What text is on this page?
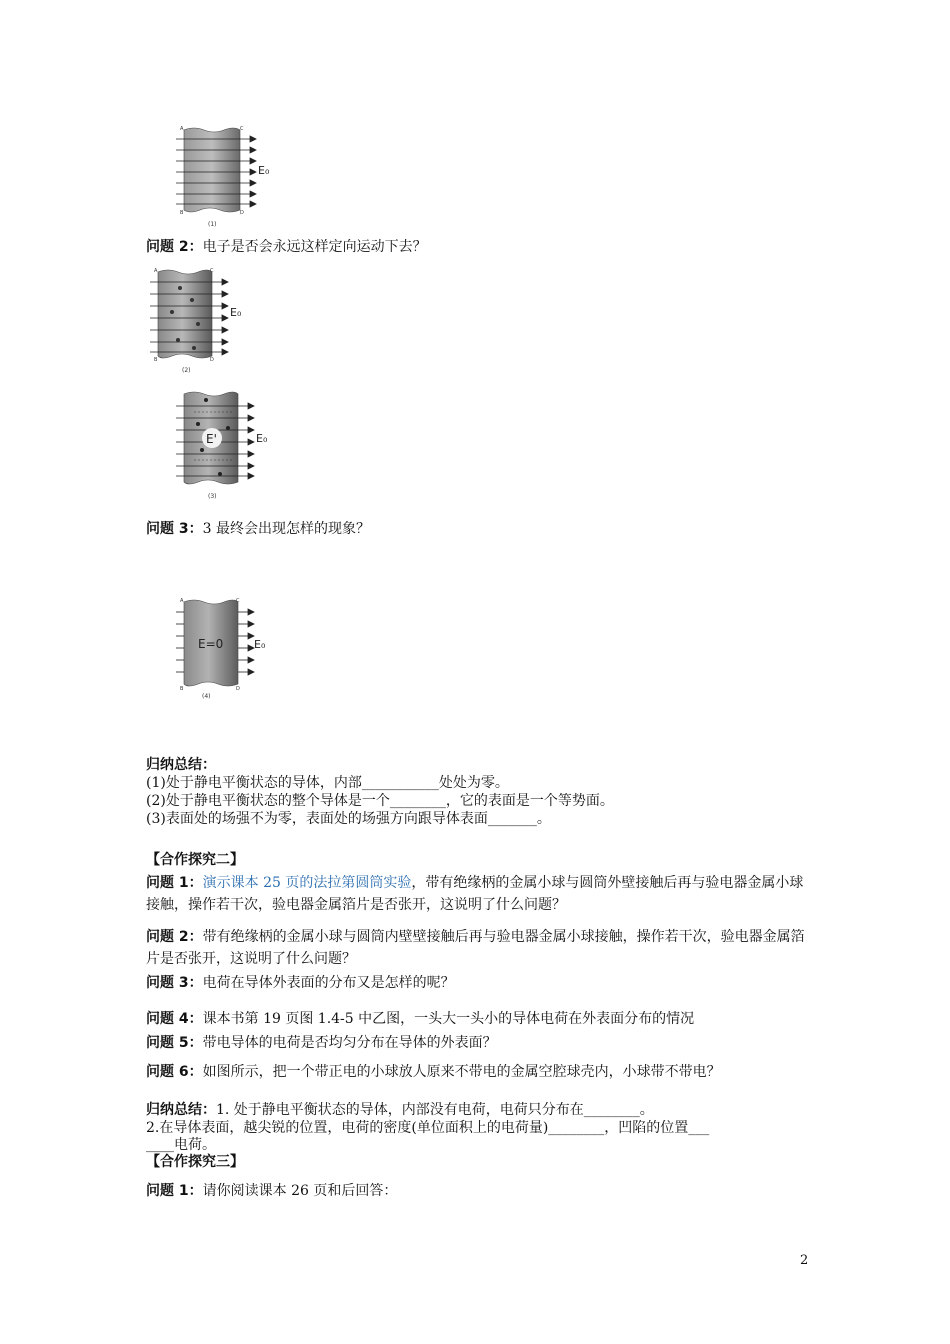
E₀
A
B
C
D
(1)
问题 2：电子是否会永远这样定向运动下去？
E₀
A
B
C
D
(2)
E'	E₀
(3)
问题 3：3 最终会出现怎样的现象？
E=0	E₀
A
B
C
D
(4)
归纳总结：
(1)处于静电平衡状态的导体，内部___________处处为零。
(2)处于静电平衡状态的整个导体是一个________，它的表面是一个等势面。
(3)表面处的场强不为零，表面处的场强方向跟导体表面_______。
【合作探究二】
问题 1：演示课本 25 页的法拉第圆筒实验，带有绝缘柄的金属小球与圆筒外壁接触后再与验电器金属小球接触，操作若干次，验电器金属箔片是否张开，这说明了什么问题？
问题 2：带有绝缘柄的金属小球与圆筒内壁壁接触后再与验电器金属小球接触，操作若干次，验电器金属箔片是否张开，这说明了什么问题？
问题 3：电荷在导体外表面的分布又是怎样的呢？
问题 4：课本书第 19 页图 1.4-5 中乙图，一头大一头小的导体电荷在外表面分布的情况
问题 5：带电导体的电荷是否均匀分布在导体的外表面？
问题 6：如图所示，把一个带正电的小球放人原来不带电的金属空腔球壳内，小球带不带电？
归纳总结：1. 处于静电平衡状态的导体，内部没有电荷，电荷只分布在________。
2.在导体表面，越尖锐的位置，电荷的密度(单位面积上的电荷量)________，凹陷的位置___
____电荷。
【合作探究三】
问题 1：请你阅读课本 26 页和后回答：
2
